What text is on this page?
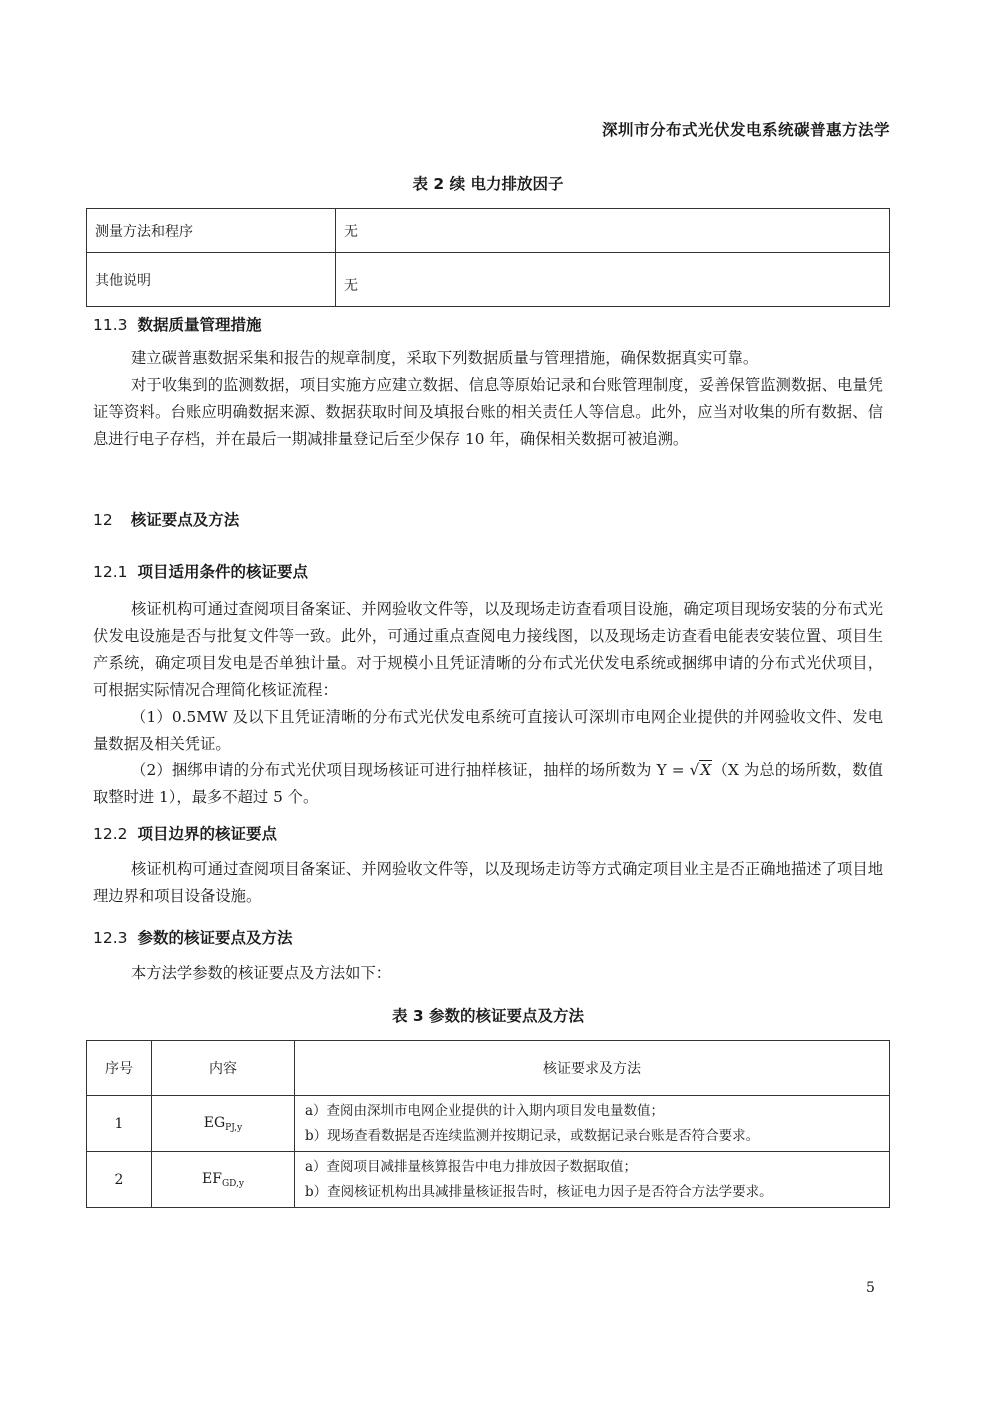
深圳市分布式光伏发电系统碳普惠方法学
表 2 续 电力排放因子
测量方法和程序	无
其他说明	无
11.3 数据质量管理措施
建立碳普惠数据采集和报告的规章制度，采取下列数据质量与管理措施，确保数据真实可靠。
对于收集到的监测数据，项目实施方应建立数据、信息等原始记录和台账管理制度，妥善保管监测数据、电量凭证等资料。台账应明确数据来源、数据获取时间及填报台账的相关责任人等信息。此外，应当对收集的所有数据、信息进行电子存档，并在最后一期减排量登记后至少保存 10 年，确保相关数据可被追溯。
12 核证要点及方法
12.1 项目适用条件的核证要点
核证机构可通过查阅项目备案证、并网验收文件等，以及现场走访查看项目设施，确定项目现场安装的分布式光伏发电设施是否与批复文件等一致。此外，可通过重点查阅电力接线图，以及现场走访查看电能表安装位置、项目生产系统，确定项目发电是否单独计量。对于规模小且凭证清晰的分布式光伏发电系统或捆绑申请的分布式光伏项目，可根据实际情况合理简化核证流程：
（1）0.5MW 及以下且凭证清晰的分布式光伏发电系统可直接认可深圳市电网企业提供的并网验收文件、发电量数据及相关凭证。
（2）捆绑申请的分布式光伏项目现场核证可进行抽样核证，抽样的场所数为 Y = √X（X 为总的场所数，数值取整时进 1），最多不超过 5 个。
12.2 项目边界的核证要点
核证机构可通过查阅项目备案证、并网验收文件等，以及现场走访等方式确定项目业主是否正确地描述了项目地理边界和项目设备设施。
12.3 参数的核证要点及方法
本方法学参数的核证要点及方法如下：
表 3 参数的核证要点及方法
序号	内容	核证要求及方法
1	$EG_{PJ,y}$	a）查阅由深圳市电网企业提供的计入期内项目发电量数值；
b）现场查看数据是否连续监测并按期记录，或数据记录台账是否符合要求。

2	$EF_{GD,y}$	a）查阅项目减排量核算报告中电力排放因子数据取值；
b）查阅核证机构出具减排量核证报告时，核证电力因子是否符合方法学要求。
5
